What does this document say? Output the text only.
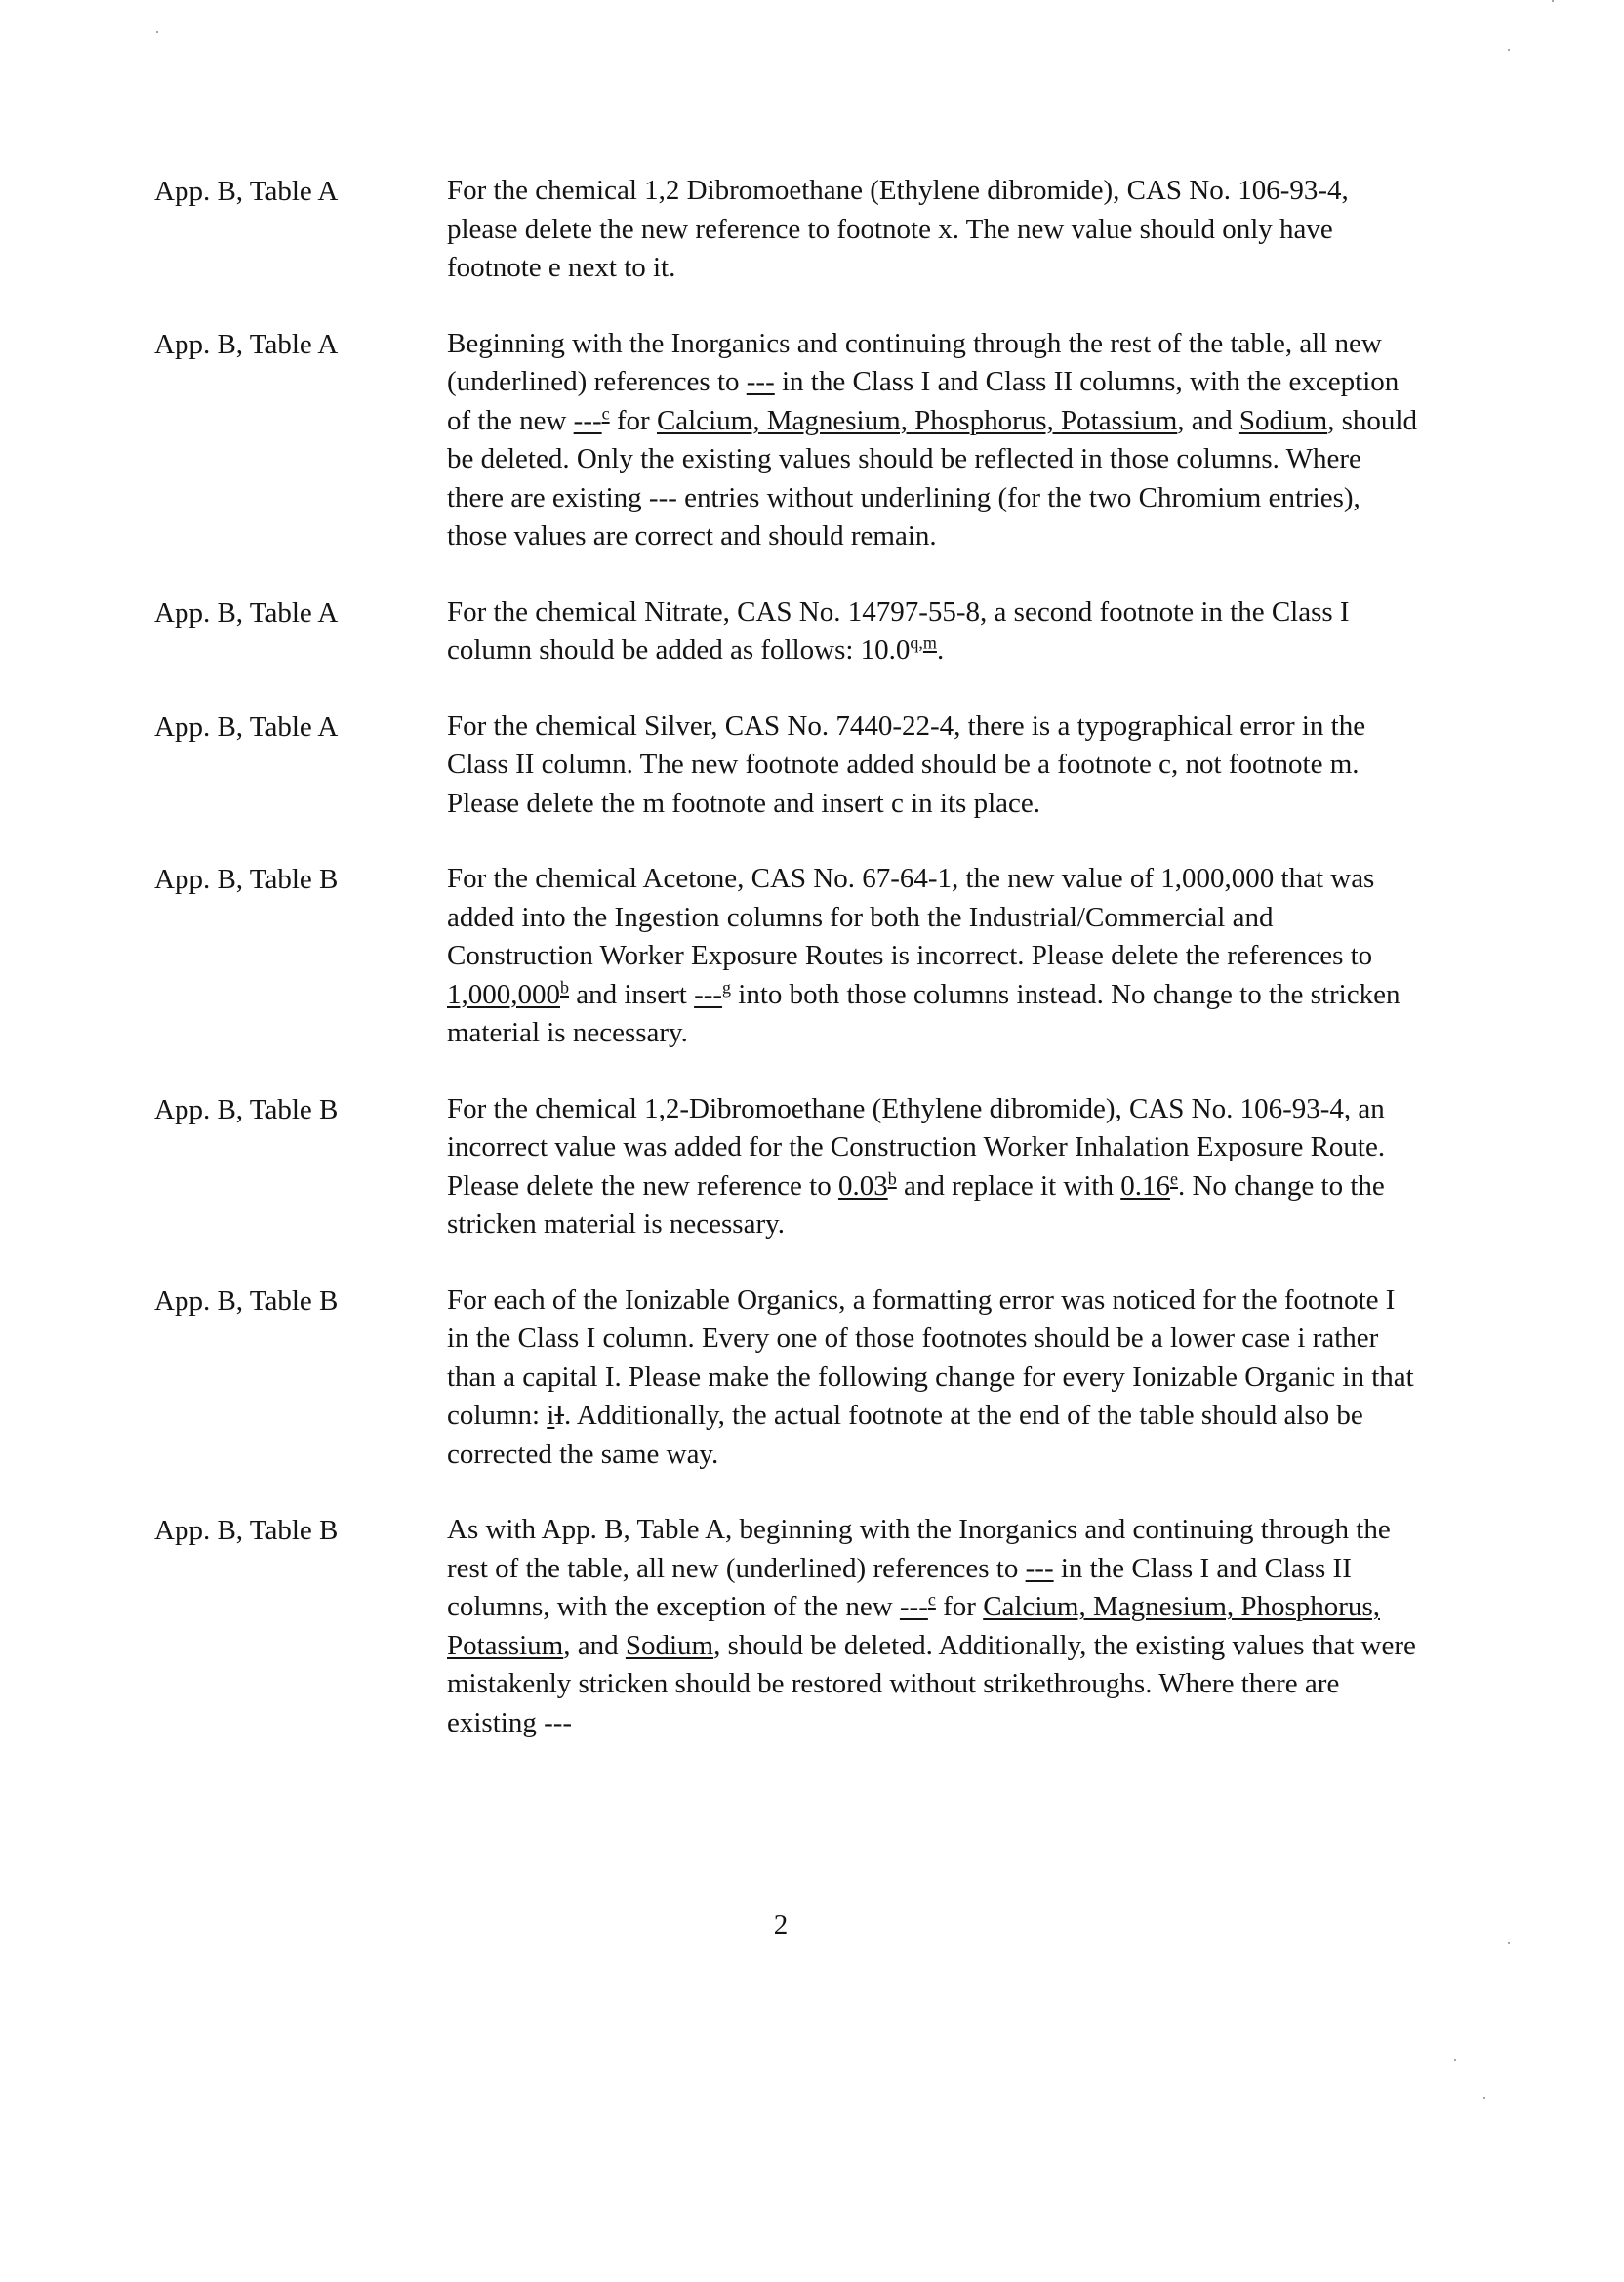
App. B, Table A	For the chemical 1,2 Dibromoethane (Ethylene dibromide), CAS No. 106-93-4, please delete the new reference to footnote x. The new value should only have footnote e next to it.
App. B, Table A	Beginning with the Inorganics and continuing through the rest of the table, all new (underlined) references to --- in the Class I and Class II columns, with the exception of the new ---$^c$ for Calcium, Magnesium, Phosphorus, Potassium, and Sodium, should be deleted. Only the existing values should be reflected in those columns. Where there are existing --- entries without underlining (for the two Chromium entries), those values are correct and should remain.
App. B, Table A	For the chemical Nitrate, CAS No. 14797-55-8, a second footnote in the Class I column should be added as follows: 10.0$^{q,m}$.
App. B, Table A	For the chemical Silver, CAS No. 7440-22-4, there is a typographical error in the Class II column. The new footnote added should be a footnote c, not footnote m. Please delete the m footnote and insert c in its place.
App. B, Table B	For the chemical Acetone, CAS No. 67-64-1, the new value of 1,000,000 that was added into the Ingestion columns for both the Industrial/Commercial and Construction Worker Exposure Routes is incorrect. Please delete the references to 1,000,000$^b$ and insert ---$^g$ into both those columns instead. No change to the stricken material is necessary.
App. B, Table B	For the chemical 1,2-Dibromoethane (Ethylene dibromide), CAS No. 106-93-4, an incorrect value was added for the Construction Worker Inhalation Exposure Route. Please delete the new reference to 0.03$^b$ and replace it with 0.16e. No change to the stricken material is necessary.
App. B, Table B	For each of the Ionizable Organics, a formatting error was noticed for the footnote I in the Class I column. Every one of those footnotes should be a lower case i rather than a capital I. Please make the following change for every Ionizable Organic in that column: iI. Additionally, the actual footnote at the end of the table should also be corrected the same way.
App. B, Table B	As with App. B, Table A, beginning with the Inorganics and continuing through the rest of the table, all new (underlined) references to --- in the Class I and Class II columns, with the exception of the new ---$^c$ for Calcium, Magnesium, Phosphorus, Potassium, and Sodium, should be deleted. Additionally, the existing values that were mistakenly stricken should be restored without strikethroughs. Where there are existing ---
2
